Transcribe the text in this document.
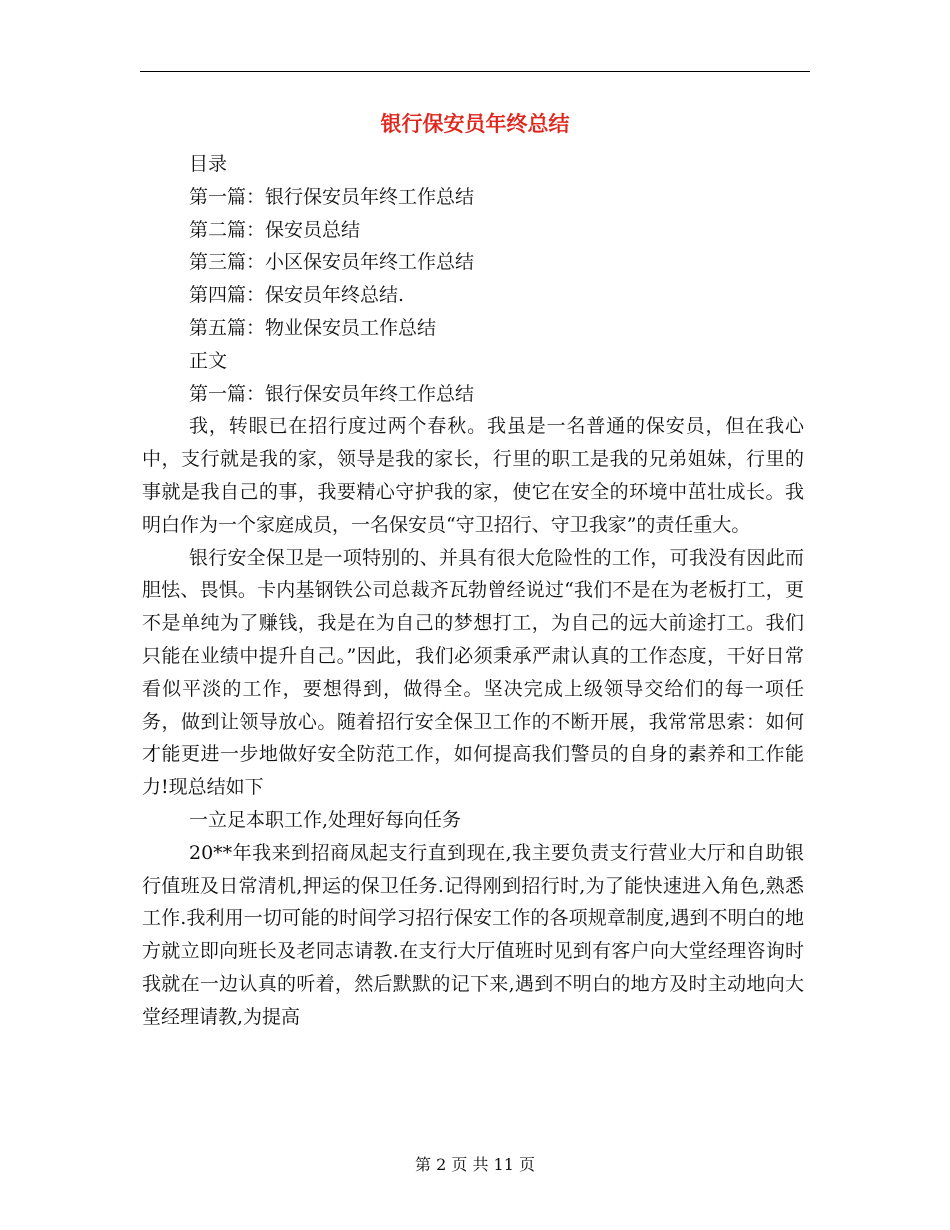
银行保安员年终总结
目录
第一篇：银行保安员年终工作总结
第二篇：保安员总结
第三篇：小区保安员年终工作总结
第四篇：保安员年终总结.
第五篇：物业保安员工作总结
正文
第一篇：银行保安员年终工作总结

我，转眼已在招行度过两个春秋。我虽是一名普通的保安员，但在我心中，支行就是我的家，领导是我的家长，行里的职工是我的兄弟姐妹，行里的事就是我自己的事，我要精心守护我的家，使它在安全的环境中茁壮成长。我明白作为一个家庭成员，一名保安员“守卫招行、守卫我家”的责任重大。

银行安全保卫是一项特别的、并具有很大危险性的工作，可我没有因此而胆怯、畏惧。卡内基钢铁公司总裁齐瓦勃曾经说过“我们不是在为老板打工，更不是单纯为了赚钱，我是在为自己的梦想打工，为自己的远大前途打工。我们只能在业绩中提升自己。”因此，我们必须秉承严肃认真的工作态度，干好日常看似平淡的工作，要想得到，做得全。坚决完成上级领导交给们的每一项任务，做到让领导放心。随着招行安全保卫工作的不断开展，我常常思索：如何才能更进一步地做好安全防范工作，如何提高我们警员的自身的素养和工作能力!现总结如下

一立足本职工作,处理好每向任务

20**年我来到招商凤起支行直到现在,我主要负责支行营业大厅和自助银行值班及日常清机,押运的保卫任务.记得刚到招行时,为了能快速进入角色,熟悉工作.我利用一切可能的时间学习招行保安工作的各项规章制度,遇到不明白的地方就立即向班长及老同志请教.在支行大厅值班时见到有客户向大堂经理咨询时我就在一边认真的听着，然后默默的记下来,遇到不明白的地方及时主动地向大堂经理请教,为提高

第 2 页 共 11 页
